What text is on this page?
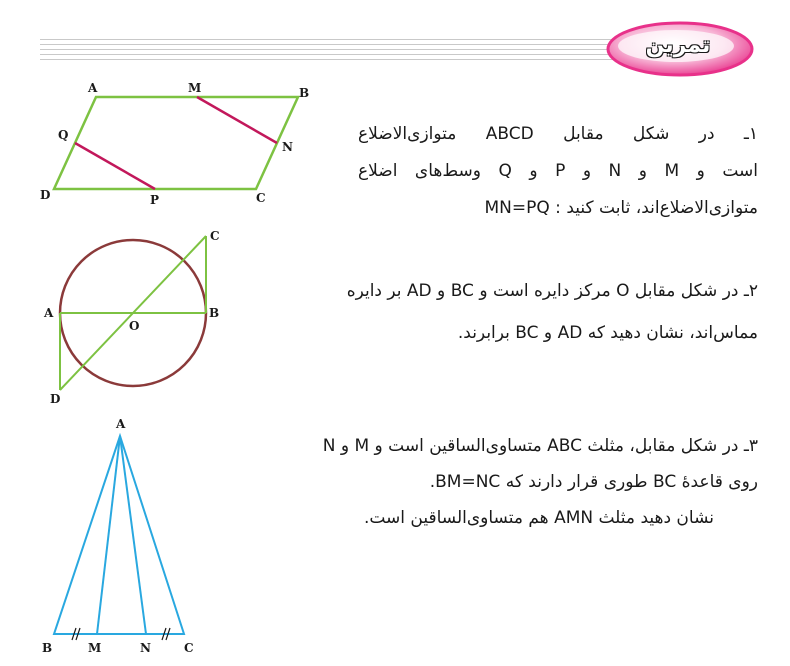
تمرین
A	M	B
Q
N
D	P	C

۱ـ در شکل مقابل ABCD متوازی‌الاضلاع

است و M و N و P و Q وسط‌های اضلاع

متوازی‌الاضلاع‌اند، ثابت کنید : MN=PQ

A
O
B
C
D

۲ـ در شکل مقابل O مرکز دایره است و BC و AD بر دایره

مماس‌اند، نشان دهید که AD و BC برابرند.

A
B	M	N	C

۳ـ در شکل مقابل، مثلث ABC متساوی‌الساقین است و M و N

روی قاعدهٔ BC طوری قرار دارند که BM=NC.

نشان دهید مثلث AMN هم متساوی‌الساقین است.
